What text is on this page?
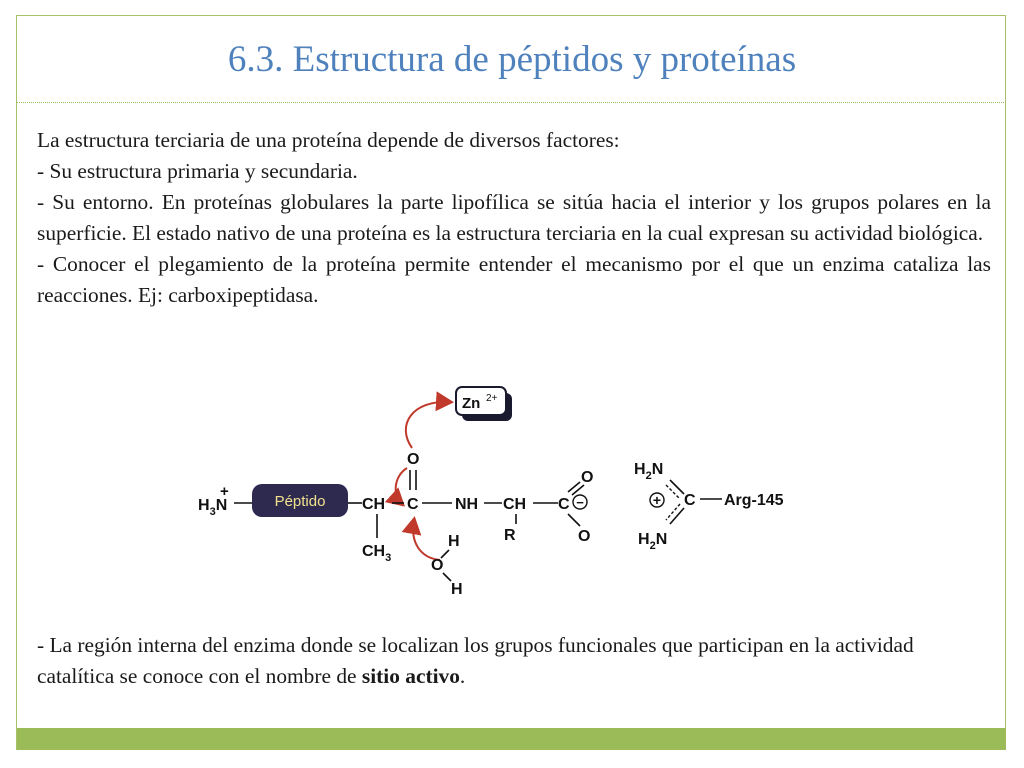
6.3. Estructura de péptidos y proteínas

La estructura terciaria de una proteína depende de diversos factores:

- Su estructura primaria y secundaria.

- Su entorno. En proteínas globulares la parte lipofílica se sitúa hacia el interior y los grupos polares en la superficie. El estado nativo de una proteína es la estructura terciaria en la cual expresan su actividad biológica.

- Conocer el plegamiento de la proteína permite entender el mecanismo por el que un enzima cataliza las reacciones. Ej: carboxipeptidasa.

Zn 2+
$H_3N$
+
Péptido CH
$CH_3$
C
O
H
O
H
NH CH
R
C −
O
O
$H_2N$
C Arg-145
$H_2N$
+

- La región interna del enzima donde se localizan los grupos funcionales que participan en la actividad catalítica se conoce con el nombre de sitio activo.
